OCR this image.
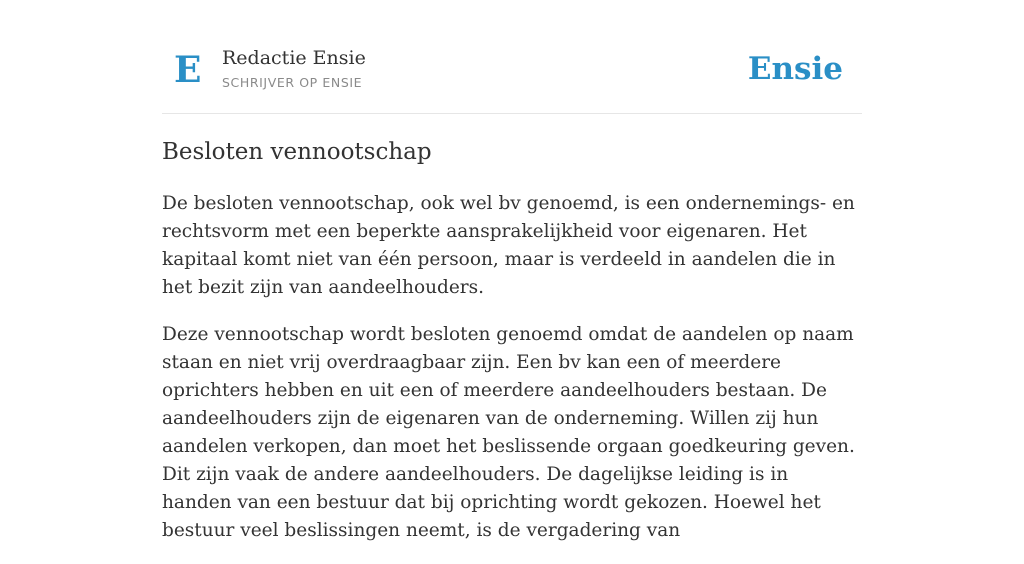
E Redactie Ensie
SCHRIJVER OP ENSIE	Ensie
Besloten vennootschap

De besloten vennootschap, ook wel bv genoemd, is een ondernemings- en rechtsvorm met een beperkte aansprakelijkheid voor eigenaren. Het kapitaal komt niet van één persoon, maar is verdeeld in aandelen die in het bezit zijn van aandeelhouders.

Deze vennootschap wordt besloten genoemd omdat de aandelen op naam staan en niet vrij overdraagbaar zijn. Een bv kan een of meerdere oprichters hebben en uit een of meerdere aandeelhouders bestaan. De aandeelhouders zijn de eigenaren van de onderneming. Willen zij hun aandelen verkopen, dan moet het beslissende orgaan goedkeuring geven. Dit zijn vaak de andere aandeelhouders. De dagelijkse leiding is in handen van een bestuur dat bij oprichting wordt gekozen. Hoewel het bestuur veel beslissingen neemt, is de vergadering van
